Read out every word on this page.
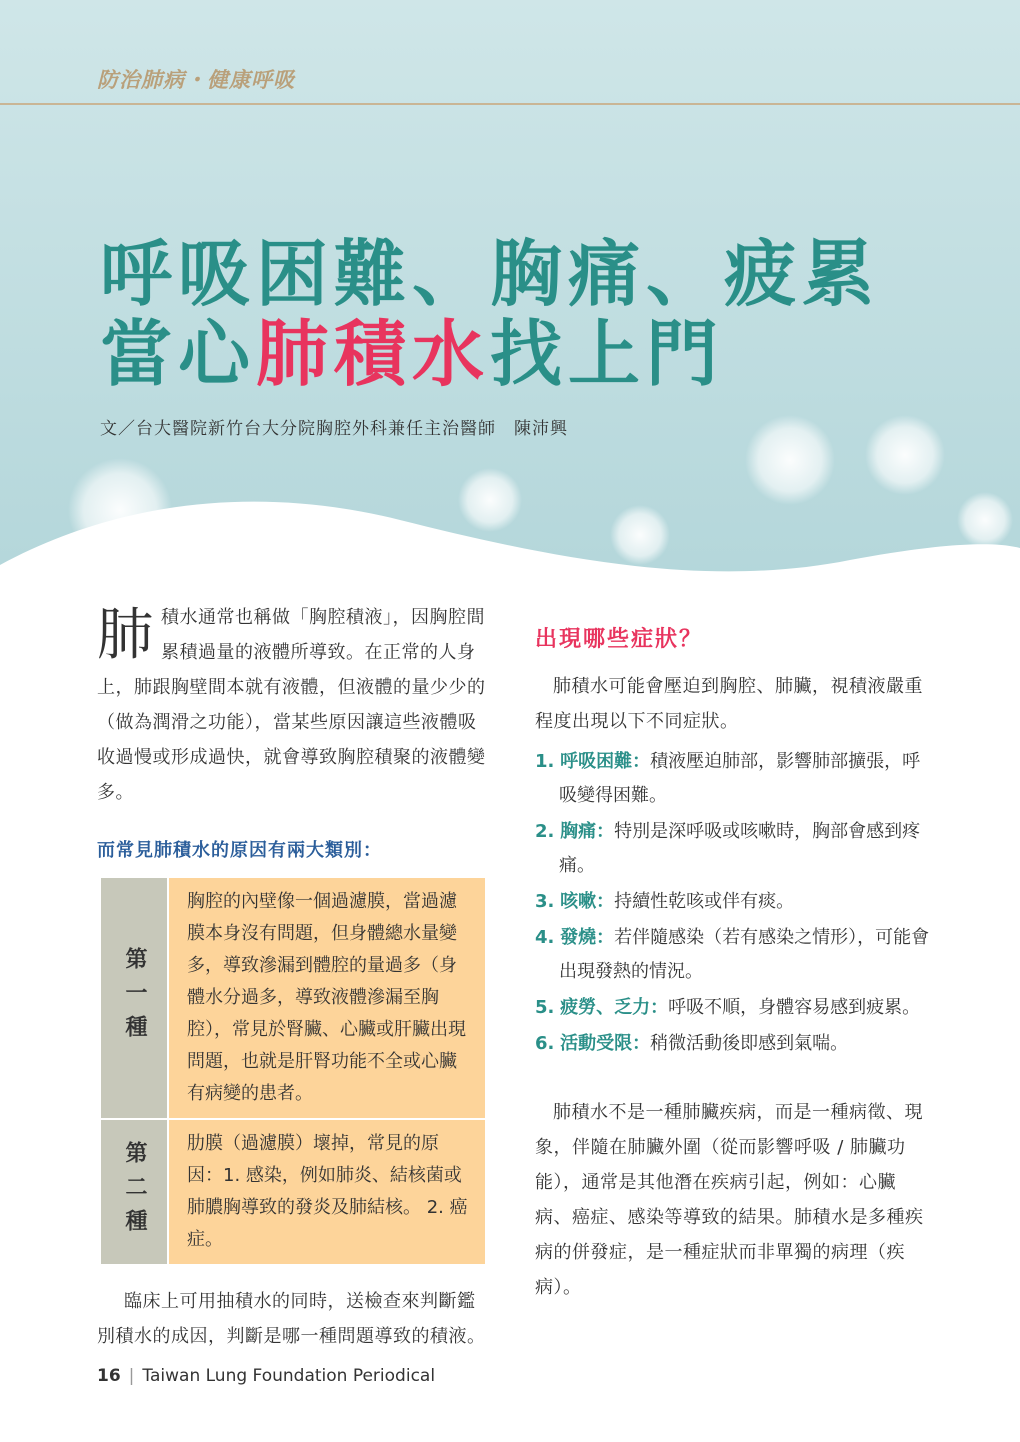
防治肺病・健康呼吸
呼吸困難、胸痛、疲累
當心肺積水找上門
文／台大醫院新竹台大分院胸腔外科兼任主治醫師　陳沛興
肺 積水通常也稱做「胸腔積液」，因胸腔間累積過量的液體所導致。在正常的人身上，肺跟胸壁間本就有液體，但液體的量少少的（做為潤滑之功能），當某些原因讓這些液體吸收過慢或形成過快，就會導致胸腔積聚的液體變多。

而常見肺積水的原因有兩大類別：
第一種	胸腔的內壁像一個過濾膜，當過濾膜本身沒有問題，但身體總水量變多，導致滲漏到體腔的量過多（身體水分過多，導致液體滲漏至胸腔），常見於腎臟、心臟或肝臟出現問題，也就是肝腎功能不全或心臟有病變的患者。

第二種	肋膜（過濾膜）壞掉，常見的原因：1. 感染，例如肺炎、結核菌或肺膿胸導致的發炎及肺結核。 2. 癌症。

臨床上可用抽積水的同時，送檢查來判斷鑑別積水的成因，判斷是哪一種問題導致的積液。

出現哪些症狀？

肺積水可能會壓迫到胸腔、肺臟，視積液嚴重程度出現以下不同症狀。

1. 呼吸困難：積液壓迫肺部，影響肺部擴張，呼吸變得困難。

2. 胸痛：特別是深呼吸或咳嗽時，胸部會感到疼痛。

3. 咳嗽：持續性乾咳或伴有痰。

4. 發燒：若伴隨感染（若有感染之情形），可能會出現發熱的情況。

5. 疲勞、乏力：呼吸不順，身體容易感到疲累。

6. 活動受限：稍微活動後即感到氣喘。

肺積水不是一種肺臟疾病，而是一種病徵、現象，伴隨在肺臟外圍（從而影響呼吸 / 肺臟功能），通常是其他潛在疾病引起，例如：心臟病、癌症、感染等導致的結果。肺積水是多種疾病的併發症，是一種症狀而非單獨的病理（疾病）。

16 | Taiwan Lung Foundation Periodical
